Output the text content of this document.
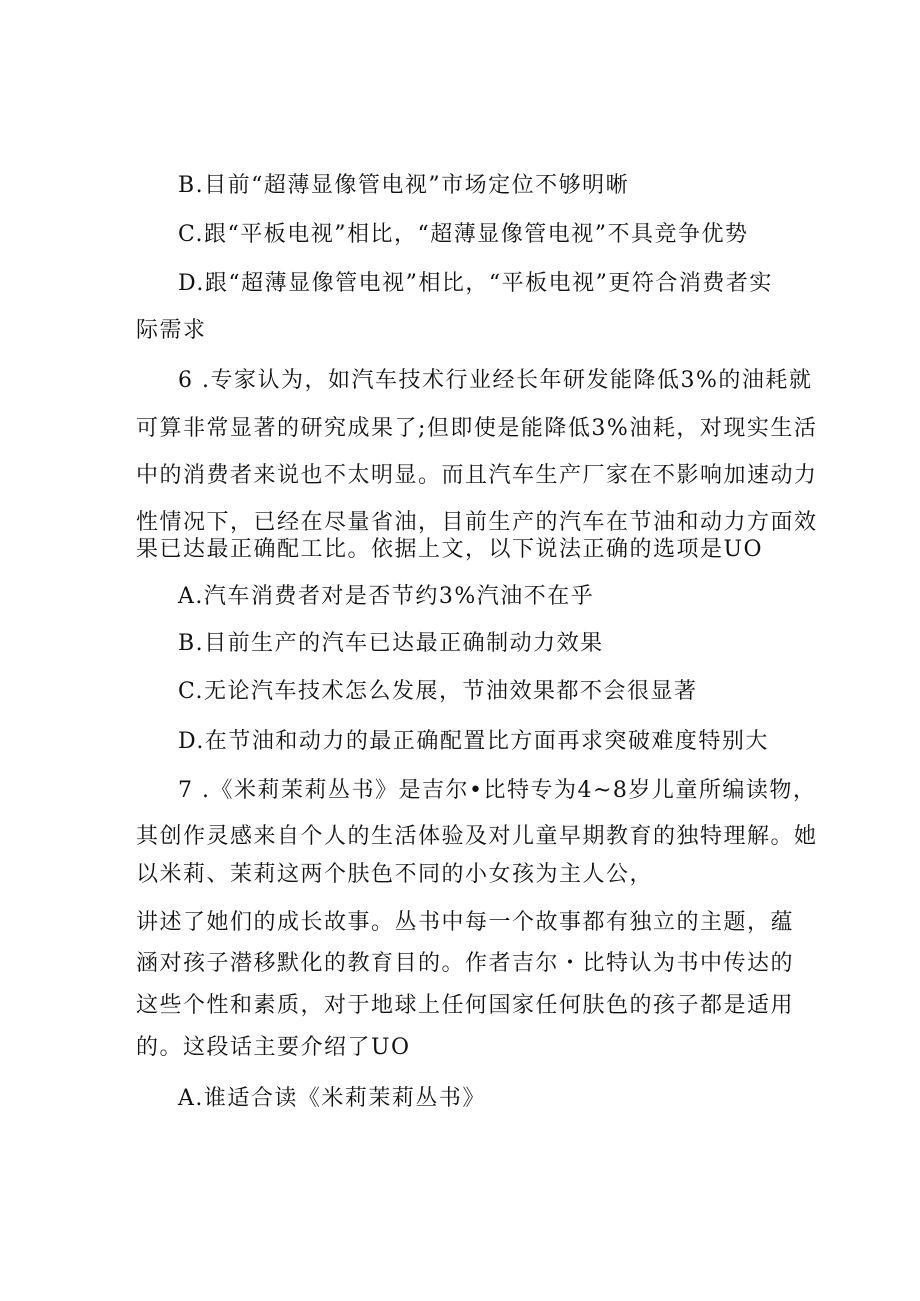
B.目前“超薄显像管电视”市场定位不够明晰
C.跟“平板电视”相比，“超薄显像管电视”不具竞争优势
D.跟“超薄显像管电视”相比，“平板电视”更符合消费者实
际需求
6 .专家认为，如汽车技术行业经长年研发能降低3%的油耗就
可算非常显著的研究成果了;但即使是能降低3%油耗，对现实生活
中的消费者来说也不太明显。而且汽车生产厂家在不影响加速动力
性情况下，已经在尽量省油，目前生产的汽车在节油和动力方面效
果已达最正确配工比。依据上文，以下说法正确的选项是UO
A.汽车消费者对是否节约3%汽油不在乎
B.目前生产的汽车已达最正确制动力效果
C.无论汽车技术怎么发展，节油效果都不会很显著
D.在节油和动力的最正确配置比方面再求突破难度特别大
7 .《米莉茉莉丛书》是吉尔•比特专为4~8岁儿童所编读物，
其创作灵感来自个人的生活体验及对儿童早期教育的独特理解。她
以米莉、茉莉这两个肤色不同的小女孩为主人公，
讲述了她们的成长故事。丛书中每一个故事都有独立的主题，蕴
涵对孩子潜移默化的教育目的。作者吉尔・比特认为书中传达的
这些个性和素质，对于地球上任何国家任何肤色的孩子都是适用
的。这段话主要介绍了UO
A.谁适合读《米莉茉莉丛书》
